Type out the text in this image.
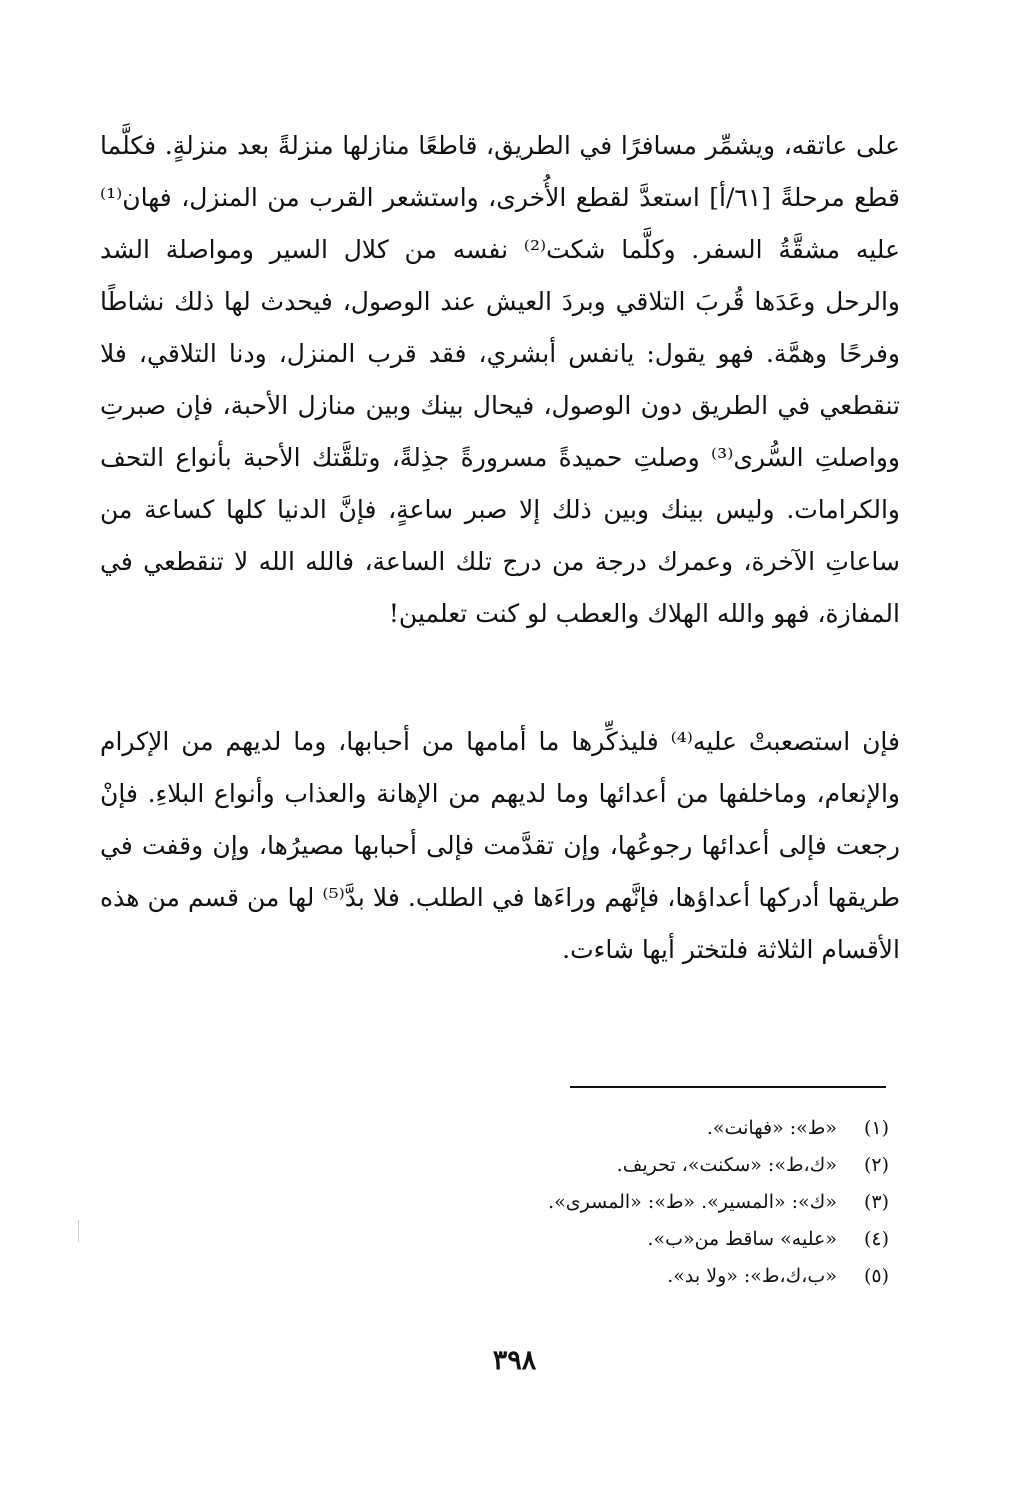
على عاتقه، ويشمِّر مسافرًا في الطريق، قاطعًا منازلها منزلةً بعد منزلةٍ. فكلَّما قطع مرحلةً [٦١/أ] استعدَّ لقطع الأُخرى، واستشعر القرب من المنزل، فهان⁽¹⁾ عليه مشقَّةُ السفر. وكلَّما شكت⁽²⁾ نفسه من كلال السير ومواصلة الشد والرحل وعَدَها قُربَ التلاقي وبردَ العيش عند الوصول، فيحدث لها ذلك نشاطًا وفرحًا وهمَّة. فهو يقول: يانفس أبشري، فقد قرب المنزل، ودنا التلاقي، فلا تنقطعي في الطريق دون الوصول، فيحال بينك وبين منازل الأحبة، فإن صبرتِ وواصلتِ السُّرى⁽³⁾ وصلتِ حميدةً مسرورةً جذِلةً، وتلقَّتك الأحبة بأنواع التحف والكرامات. وليس بينك وبين ذلك إلا صبر ساعةٍ، فإنَّ الدنيا كلها كساعة من ساعاتِ الآخرة، وعمرك درجة من درج تلك الساعة، فالله الله لا تنقطعي في المفازة، فهو والله الهلاك والعطب لو كنت تعلمين!

فإن استصعبتْ عليه⁽⁴⁾ فليذكِّرها ما أمامها من أحبابها، وما لديهم من الإكرام والإنعام، وماخلفها من أعدائها وما لديهم من الإهانة والعذاب وأنواع البلاءِ. فإنْ رجعت فإلى أعدائها رجوعُها، وإن تقدَّمت فإلى أحبابها مصيرُها، وإن وقفت في طريقها أدركها أعداؤها، فإنَّهم وراءَها في الطلب. فلا بدَّ⁽⁵⁾ لها من قسم من هذه الأقسام الثلاثة فلتختر أيها شاءت.

(١) «ط»: «فهانت».
(٢) «ك،ط»: «سكنت»، تحريف.
(٣) «ك»: «المسير». «ط»: «المسرى».
(٤) «عليه» ساقط من«ب».
(٥) «ب،ك،ط»: «ولا بد».
٣٩٨
